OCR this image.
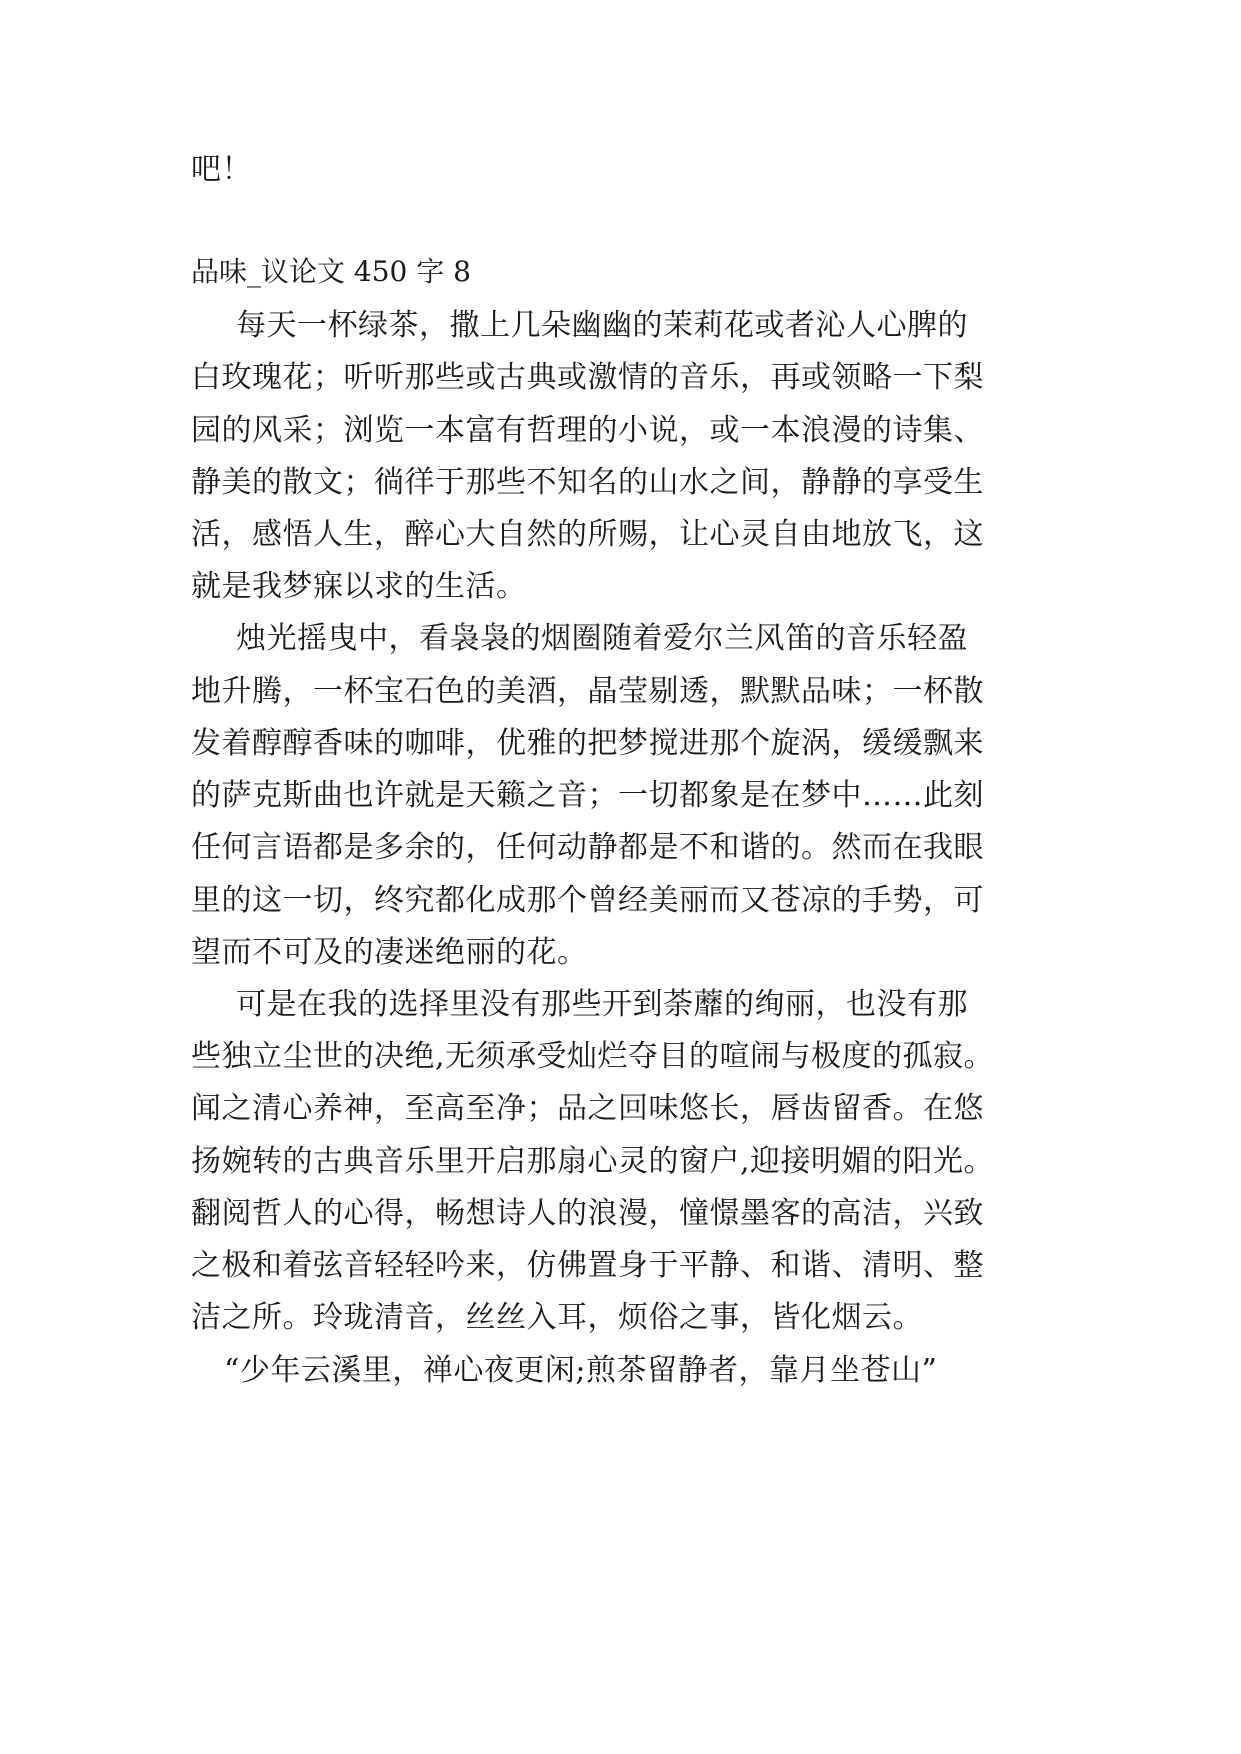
吧！
品味_议论文 450 字 8
每天一杯绿茶，撒上几朵幽幽的茉莉花或者沁人心脾的
白玫瑰花；听听那些或古典或激情的音乐，再或领略一下梨
园的风采；浏览一本富有哲理的小说，或一本浪漫的诗集、
静美的散文；徜徉于那些不知名的山水之间，静静的享受生
活，感悟人生，醉心大自然的所赐，让心灵自由地放飞，这
就是我梦寐以求的生活。
烛光摇曳中，看袅袅的烟圈随着爱尔兰风笛的音乐轻盈
地升腾，一杯宝石色的美酒，晶莹剔透，默默品味；一杯散
发着醇醇香味的咖啡，优雅的把梦搅进那个旋涡，缓缓飘来
的萨克斯曲也许就是天籁之音；一切都象是在梦中……此刻
任何言语都是多余的，任何动静都是不和谐的。然而在我眼
里的这一切，终究都化成那个曾经美丽而又苍凉的手势，可
望而不可及的凄迷绝丽的花。
可是在我的选择里没有那些开到荼蘼的绚丽，也没有那
些独立尘世的决绝,无须承受灿烂夺目的喧闹与极度的孤寂。
闻之清心养神，至高至净；品之回味悠长，唇齿留香。在悠
扬婉转的古典音乐里开启那扇心灵的窗户,迎接明媚的阳光。
翻阅哲人的心得，畅想诗人的浪漫，憧憬墨客的高洁，兴致
之极和着弦音轻轻吟来，仿佛置身于平静、和谐、清明、整
洁之所。玲珑清音，丝丝入耳，烦俗之事，皆化烟云。
“少年云溪里，禅心夜更闲;煎茶留静者，靠月坐苍山”
